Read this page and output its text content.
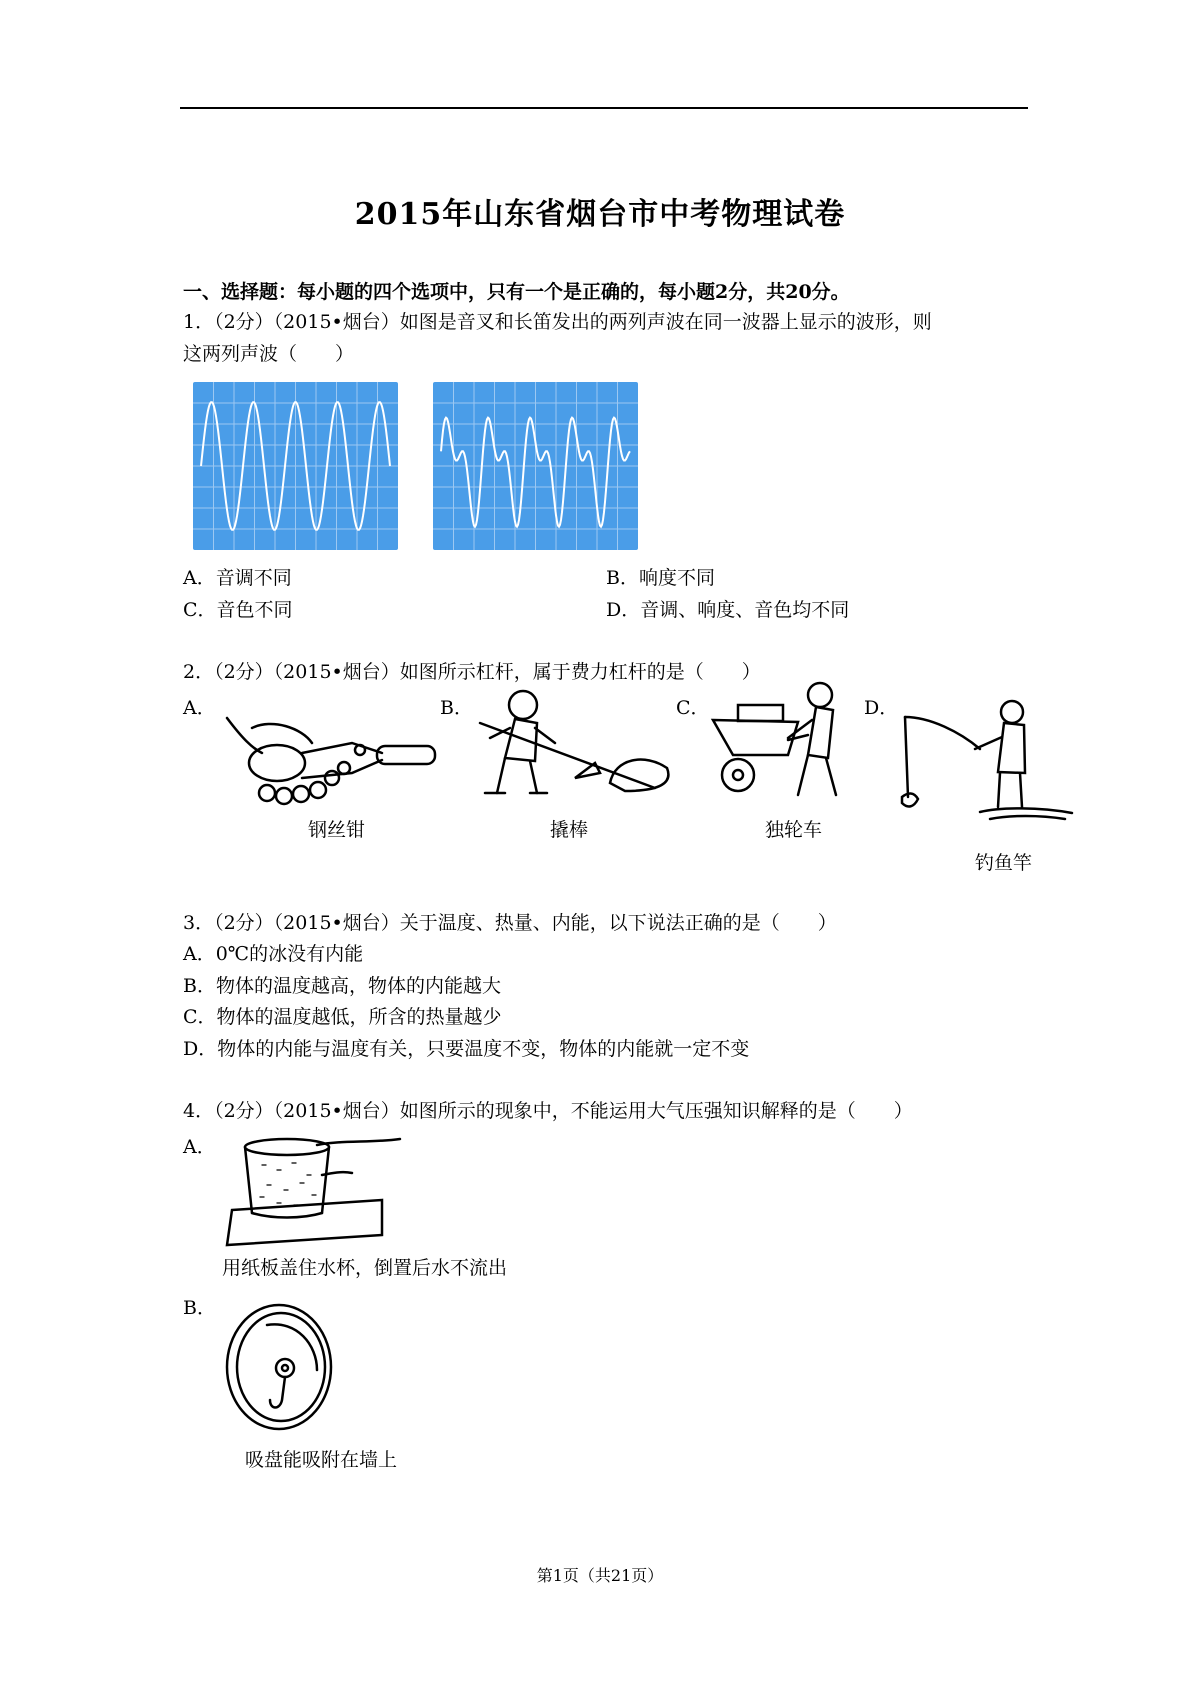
2015年山东省烟台市中考物理试卷
一、选择题：每小题的四个选项中，只有一个是正确的，每小题2分，共20分。
1．（2分）（2015•烟台）如图是音叉和长笛发出的两列声波在同一波器上显示的波形，则
这两列声波（　　）
A．音调不同	B．响度不同
C．音色不同	D．音调、响度、音色均不同
2．（2分）（2015•烟台）如图所示杠杆，属于费力杠杆的是（　　）
A．	B．	C．	D．
钢丝钳	撬棒	独轮车
钓鱼竿
3．（2分）（2015•烟台）关于温度、热量、内能，以下说法正确的是（　　）
A．0℃的冰没有内能
B．物体的温度越高，物体的内能越大
C．物体的温度越低，所含的热量越少
D．物体的内能与温度有关，只要温度不变，物体的内能就一定不变
4．（2分）（2015•烟台）如图所示的现象中，不能运用大气压强知识解释的是（　　）
A．
用纸板盖住水杯，倒置后水不流出
B．
吸盘能吸附在墙上
第1页（共21页）
